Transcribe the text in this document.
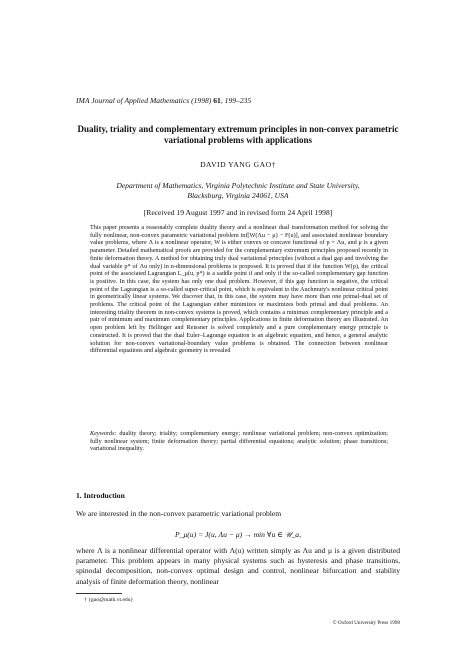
IMA Journal of Applied Mathematics (1998) 61, 199–235
Duality, triality and complementary extremum principles in non-convex parametric variational problems with applications
DAVID YANG GAO†
Department of Mathematics, Virginia Polytechnic Institute and State University,
Blacksburg, Virginia 24061, USA
[Received 19 August 1997 and in revised form 24 April 1998]
This paper presents a reasonably complete duality theory and a nonlinear dual transformation method for solving the fully nonlinear, non-convex parametric variational problem inf[W(Λu − μ) − F(u)], and associated nonlinear boundary value problems, where Λ is a nonlinear operator, W is either convex or concave functional of p = Λu, and μ is a given parameter. Detailed mathematical proofs are provided for the complementary extremum principles proposed recently in finite deformation theory. A method for obtaining truly dual variational principles (without a dual gap and involving the dual variable p* of Λu only) in n-dimensional problems is proposed. It is proved that if the function W(p), the critical point of the associated Lagrangian L_μ(u, p*) is a saddle point if and only if the so-called complementary gap function is positive. In this case, the system has only one dual problem. However, if this gap function is negative, the critical point of the Lagrangian is a so-called super-critical point, which is equivalent to the Auchmuty's nonlinear critical point in geometrically linear systems. We discover that, in this case, the system may have more than one primal-dual set of problems. The critical point of the Lagrangian either minimizes or maximizes both primal and dual problems. An interesting triality theorem in non-convex systems is proved, which contains a minimax complementary principle and a pair of minimum and maximum complementary principles. Applications in finite deformation theory are illustrated. An open problem left by Hellinger and Reissner is solved completely and a pure complementary energy principle is constructed. It is proved that the dual Euler–Lagrange equation is an algebraic equation, and hence, a general analytic solution for non-convex variational-boundary value problems is obtained. The connection between nonlinear differential equations and algebraic geometry is revealed
Keywords: duality theory; triality; complementary energy; nonlinear variational problem; non-convex optimization; fully nonlinear system; finite deformation theory; partial differential equations; analytic solution; phase transitions; variational inequality.
1. Introduction
We are interested in the non-convex parametric variational problem
P_μ(u) = J(u, Λu − μ) → min ∀u ∈ 𝒰_a,
where Λ is a nonlinear differential operator with Λ(u) written simply as Λu and μ is a given distributed parameter. This problem appears in many physical systems such as hysteresis and phase transitions, spinodal decomposition, non-convex optimal design and control, nonlinear bifurcation and stability analysis of finite deformation theory, nonlinear
† {gao@math.vt.edu}
© Oxford University Press 1998
